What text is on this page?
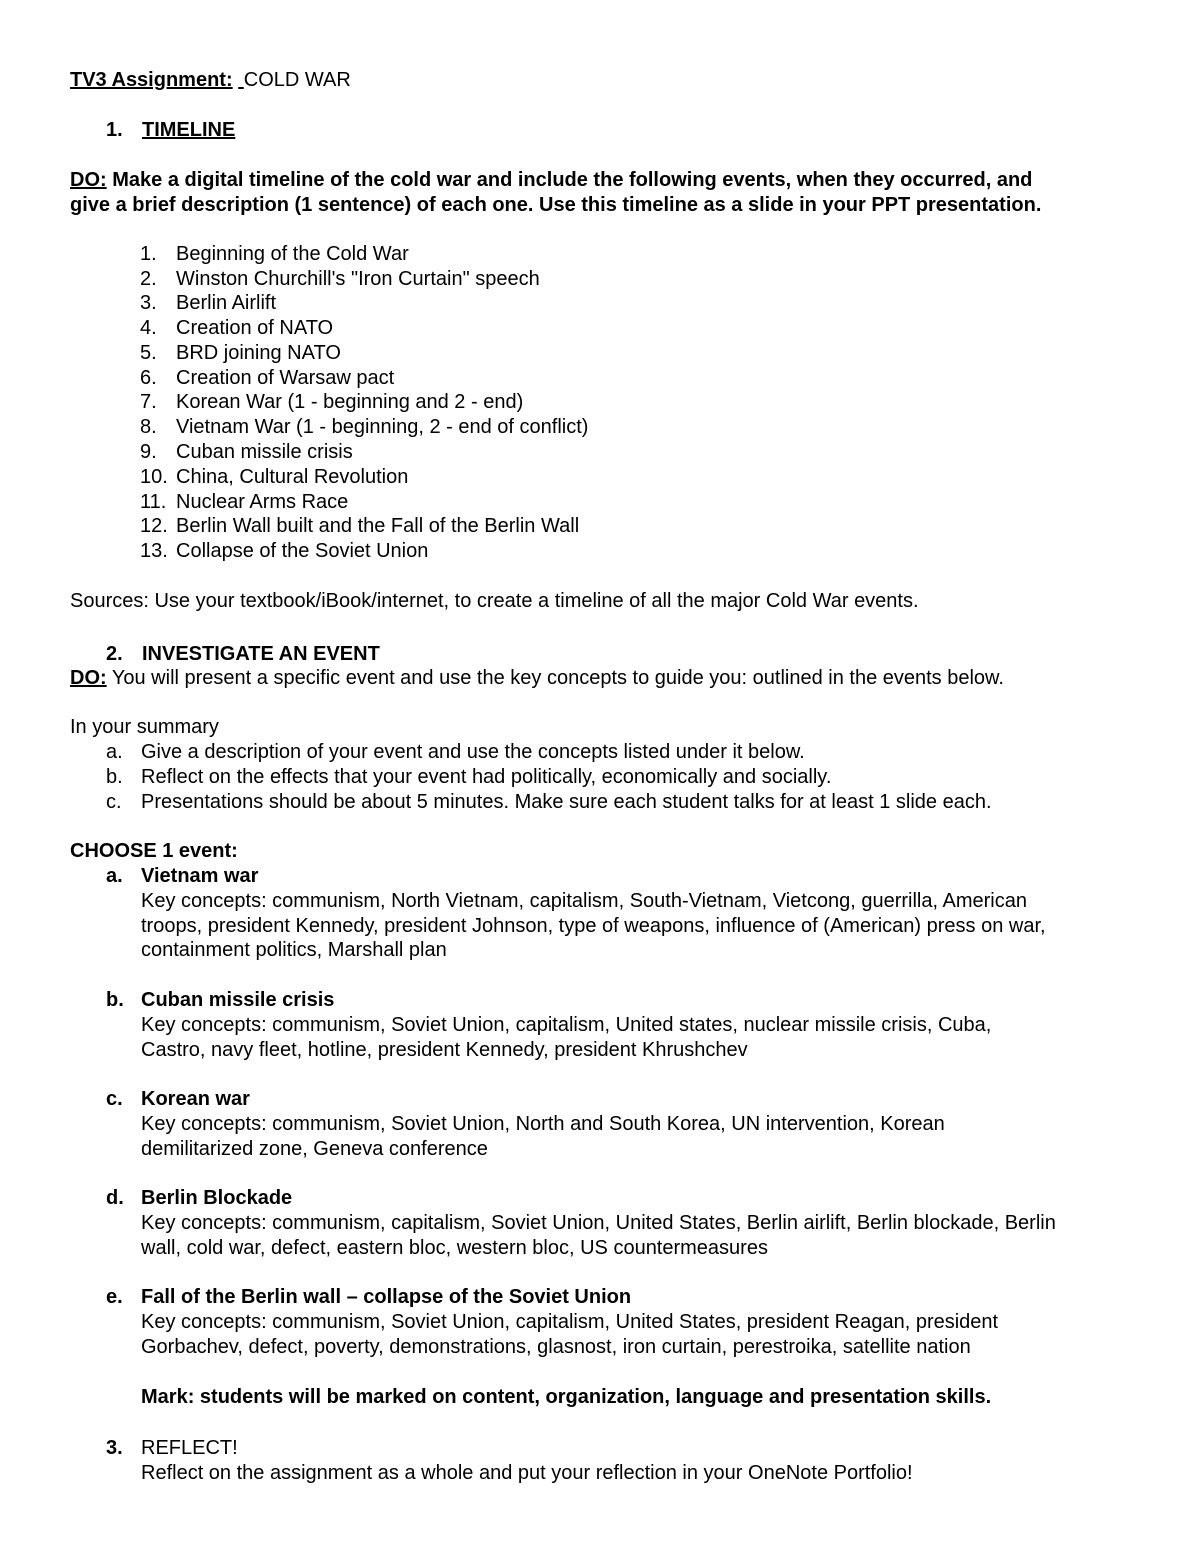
TV3 Assignment: COLD WAR
1. TIMELINE
DO: Make a digital timeline of the cold war and include the following events, when they occurred, and
give a brief description (1 sentence) of each one. Use this timeline as a slide in your PPT presentation.
1. Beginning of the Cold War
2. Winston Churchill's "Iron Curtain" speech
3. Berlin Airlift
4. Creation of NATO
5. BRD joining NATO
6. Creation of Warsaw pact
7. Korean War (1 - beginning and 2 - end)
8. Vietnam War (1 - beginning, 2 - end of conflict)
9. Cuban missile crisis
10. China, Cultural Revolution
11. Nuclear Arms Race
12. Berlin Wall built and the Fall of the Berlin Wall
13. Collapse of the Soviet Union
Sources: Use your textbook/iBook/internet, to create a timeline of all the major Cold War events.
2. INVESTIGATE AN EVENT
DO: You will present a specific event and use the key concepts to guide you: outlined in the events below.
In your summary
a. Give a description of your event and use the concepts listed under it below.
b. Reflect on the effects that your event had politically, economically and socially.
c. Presentations should be about 5 minutes. Make sure each student talks for at least 1 slide each.
CHOOSE 1 event:
a. Vietnam war
Key concepts: communism, North Vietnam, capitalism, South-Vietnam, Vietcong, guerrilla, American
troops, president Kennedy, president Johnson, type of weapons, influence of (American) press on war,
containment politics, Marshall plan
b. Cuban missile crisis
Key concepts: communism, Soviet Union, capitalism, United states, nuclear missile crisis, Cuba,
Castro, navy fleet, hotline, president Kennedy, president Khrushchev
c. Korean war
Key concepts: communism, Soviet Union, North and South Korea, UN intervention, Korean
demilitarized zone, Geneva conference
d. Berlin Blockade
Key concepts: communism, capitalism, Soviet Union, United States, Berlin airlift, Berlin blockade, Berlin
wall, cold war, defect, eastern bloc, western bloc, US countermeasures
e. Fall of the Berlin wall – collapse of the Soviet Union
Key concepts: communism, Soviet Union, capitalism, United States, president Reagan, president
Gorbachev, defect, poverty, demonstrations, glasnost, iron curtain, perestroika, satellite nation
Mark: students will be marked on content, organization, language and presentation skills.
3. REFLECT!
Reflect on the assignment as a whole and put your reflection in your OneNote Portfolio!
